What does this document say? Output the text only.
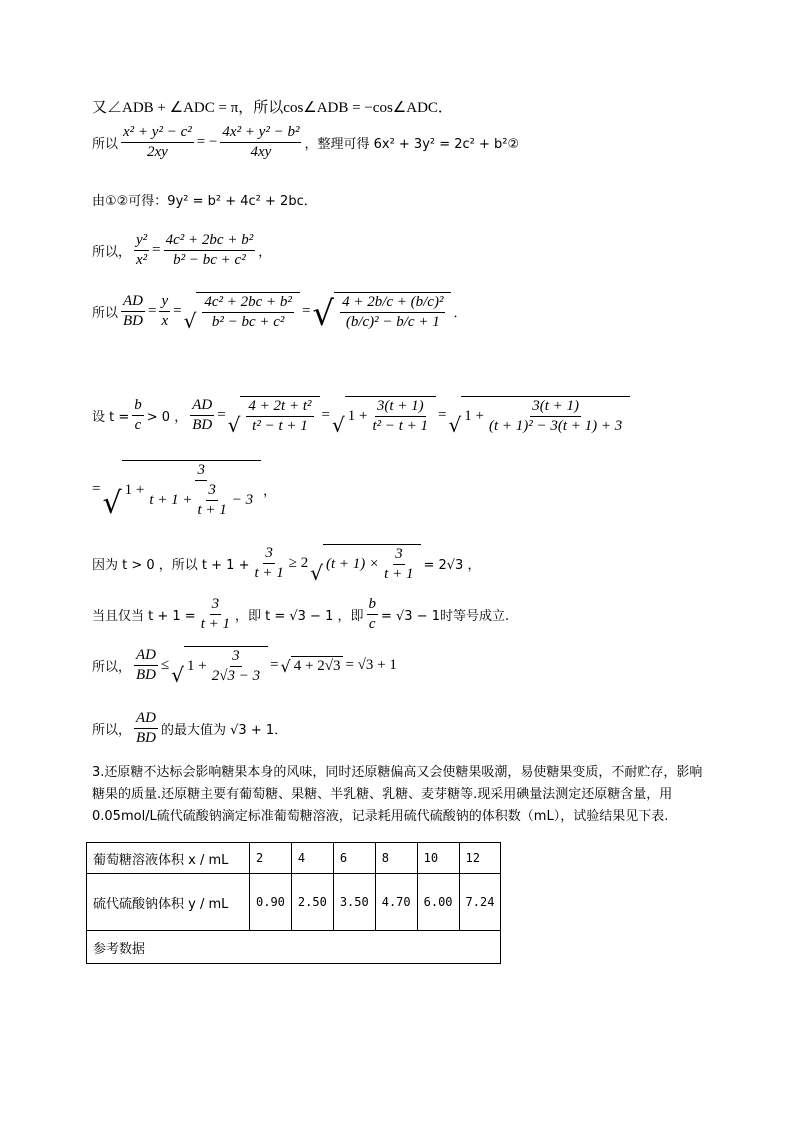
又∠ADB + ∠ADC = π，所以cos∠ADB = −cos∠ADC．
所以 $\frac{\text{x² + y² − c²}}{2xy}$ = − $\frac{\text{4x² + y² − b²}}{4xy}$ ，整理可得 6x² + 3y² = 2c² + b²②
由①②可得：9y² = b² + 4c² + 2bc．
所以， $\frac{\text{y²}}{\text{x²}} = \frac{\text{4c² + 2bc + b²}}{\text{b² − bc + c²}}$ ，
所以 $\frac{AD}{BD} = \frac{y}{x}$ = √ $\frac{\text{4c² + 2bc + b²}}{\text{b² − bc + c²}}$ = √ $\frac{\text{4 + 2b/c + (b/c)²}}{\text{(b/c)² − b/c + 1}}$ ．
设 $t = \frac{b}{c} > 0$ ， $\frac{AD}{BD}$ = √ $\frac{\text{4 + 2t + t²}}{\text{t² − t + 1}}$ = √ $1 + \frac{3(t + 1)}{\text{t² − t + 1}}$ = √ $1 + \frac{3(t + 1)}{\text{(t + 1)² − 3(t + 1) + 3}}$
= √ $1 + \frac{3}{t + 1 + \frac{3}{t + 1} - 3}$ ，
因为 t > 0 ，所以 $t + 1 + \frac{3}{t + 1} \ge 2$ √ $(t + 1) \times \frac{3}{t + 1} = 2√3$ ，
当且仅当 $t + 1 = \frac{3}{t + 1}$ ，即 t = √3 − 1 ，即 $\frac{b}{c} = √3 - 1$时等号成立.
所以， $\frac{AD}{BD}$ ≤ √ $1 + \frac{3}{2√3 - 3}$ = √ 4 + 2√3 = √3 + 1
所以， $\frac{AD}{BD}$ 的最大值为 √3 + 1．
3.还原糖不达标会影响糖果本身的风味，同时还原糖偏高又会使糖果吸潮，易使糖果变质，不耐贮存，影响糖果的质量.还原糖主要有葡萄糖、果糖、半乳糖、乳糖、麦芽糖等.现采用碘量法测定还原糖含量，用0.05mol/L硫代硫酸钠滴定标准葡萄糖溶液，记录耗用硫代硫酸钠的体积数（mL），试验结果见下表.
葡萄糖溶液体积 x / mL	2	4	6	8	10	12
硫代硫酸钠体积 y / mL	0.90	2.50	3.50	4.70	6.00	7.24
参考数据						
